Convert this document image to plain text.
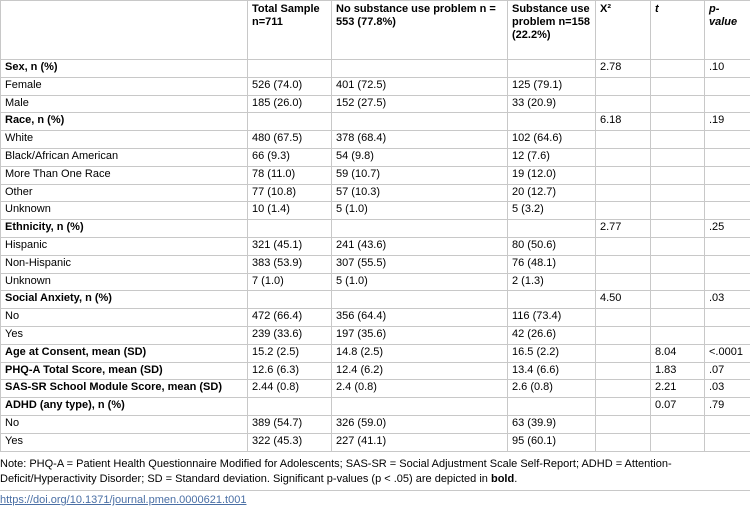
	Total Sample n=711	No substance use problem n = 553 (77.8%)	Substance use problem n=158 (22.2%)	X²	t	p-value
Sex, n (%)				2.78		.10
Female	526 (74.0)	401 (72.5)	125 (79.1)			
Male	185 (26.0)	152 (27.5)	33 (20.9)			
Race, n (%)				6.18		.19
White	480 (67.5)	378 (68.4)	102 (64.6)			
Black/African American	66 (9.3)	54 (9.8)	12 (7.6)			
More Than One Race	78 (11.0)	59 (10.7)	19 (12.0)			
Other	77 (10.8)	57 (10.3)	20 (12.7)			
Unknown	10 (1.4)	5 (1.0)	5 (3.2)			
Ethnicity, n (%)				2.77		.25
Hispanic	321 (45.1)	241 (43.6)	80 (50.6)			
Non-Hispanic	383 (53.9)	307 (55.5)	76 (48.1)			
Unknown	7 (1.0)	5 (1.0)	2 (1.3)			
Social Anxiety, n (%)				4.50		.03
No	472 (66.4)	356 (64.4)	116 (73.4)			
Yes	239 (33.6)	197 (35.6)	42 (26.6)			
Age at Consent, mean (SD)	15.2 (2.5)	14.8 (2.5)	16.5 (2.2)		8.04	<.0001
PHQ-A Total Score, mean (SD)	12.6 (6.3)	12.4 (6.2)	13.4 (6.6)		1.83	.07
SAS-SR School Module Score, mean (SD)	2.44 (0.8)	2.4 (0.8)	2.6 (0.8)		2.21	.03
ADHD (any type), n (%)					0.07	.79
No	389 (54.7)	326 (59.0)	63 (39.9)			
Yes	322 (45.3)	227 (41.1)	95 (60.1)			
Note: PHQ-A = Patient Health Questionnaire Modified for Adolescents; SAS-SR = Social Adjustment Scale Self-Report; ADHD = Attention-Deficit/Hyperactivity Disorder; SD = Standard deviation. Significant p-values (p < .05) are depicted in bold.
https://doi.org/10.1371/journal.pmen.0000621.t001
